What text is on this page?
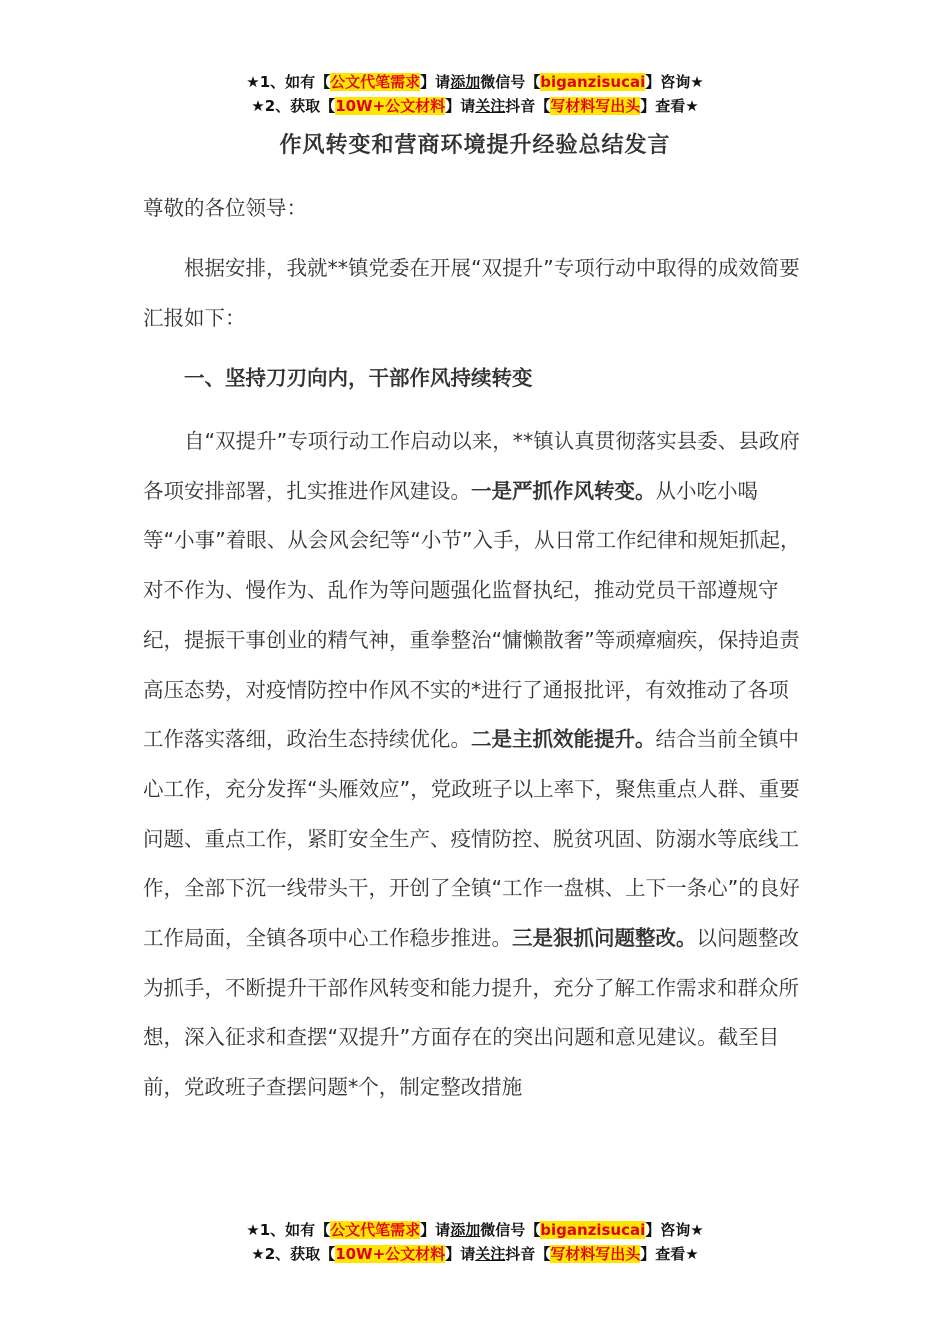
★1、如有【公文代笔需求】请添加微信号【biganzisucai】咨询★
★2、获取【10W+公文材料】请关注抖音【写材料写出头】查看★
作风转变和营商环境提升经验总结发言

尊敬的各位领导：

根据安排，我就**镇党委在开展“双提升”专项行动中取得的成效简要汇报如下：

一、坚持刀刃向内，干部作风持续转变

自“双提升”专项行动工作启动以来，**镇认真贯彻落实县委、县政府各项安排部署，扎实推进作风建设。一是严抓作风转变。从小吃小喝等“小事”着眼、从会风会纪等“小节”入手，从日常工作纪律和规矩抓起，对不作为、慢作为、乱作为等问题强化监督执纪，推动党员干部遵规守纪，提振干事创业的精气神，重拳整治“慵懒散奢”等顽瘴痼疾，保持追责高压态势，对疫情防控中作风不实的*进行了通报批评，有效推动了各项工作落实落细，政治生态持续优化。二是主抓效能提升。结合当前全镇中心工作，充分发挥“头雁效应”，党政班子以上率下，聚焦重点人群、重要问题、重点工作，紧盯安全生产、疫情防控、脱贫巩固、防溺水等底线工作，全部下沉一线带头干，开创了全镇“工作一盘棋、上下一条心”的良好工作局面，全镇各项中心工作稳步推进。三是狠抓问题整改。以问题整改为抓手，不断提升干部作风转变和能力提升，充分了解工作需求和群众所想，深入征求和查摆“双提升”方面存在的突出问题和意见建议。截至目前，党政班子查摆问题*个，制定整改措施

★1、如有【公文代笔需求】请添加微信号【biganzisucai】咨询★
★2、获取【10W+公文材料】请关注抖音【写材料写出头】查看★
